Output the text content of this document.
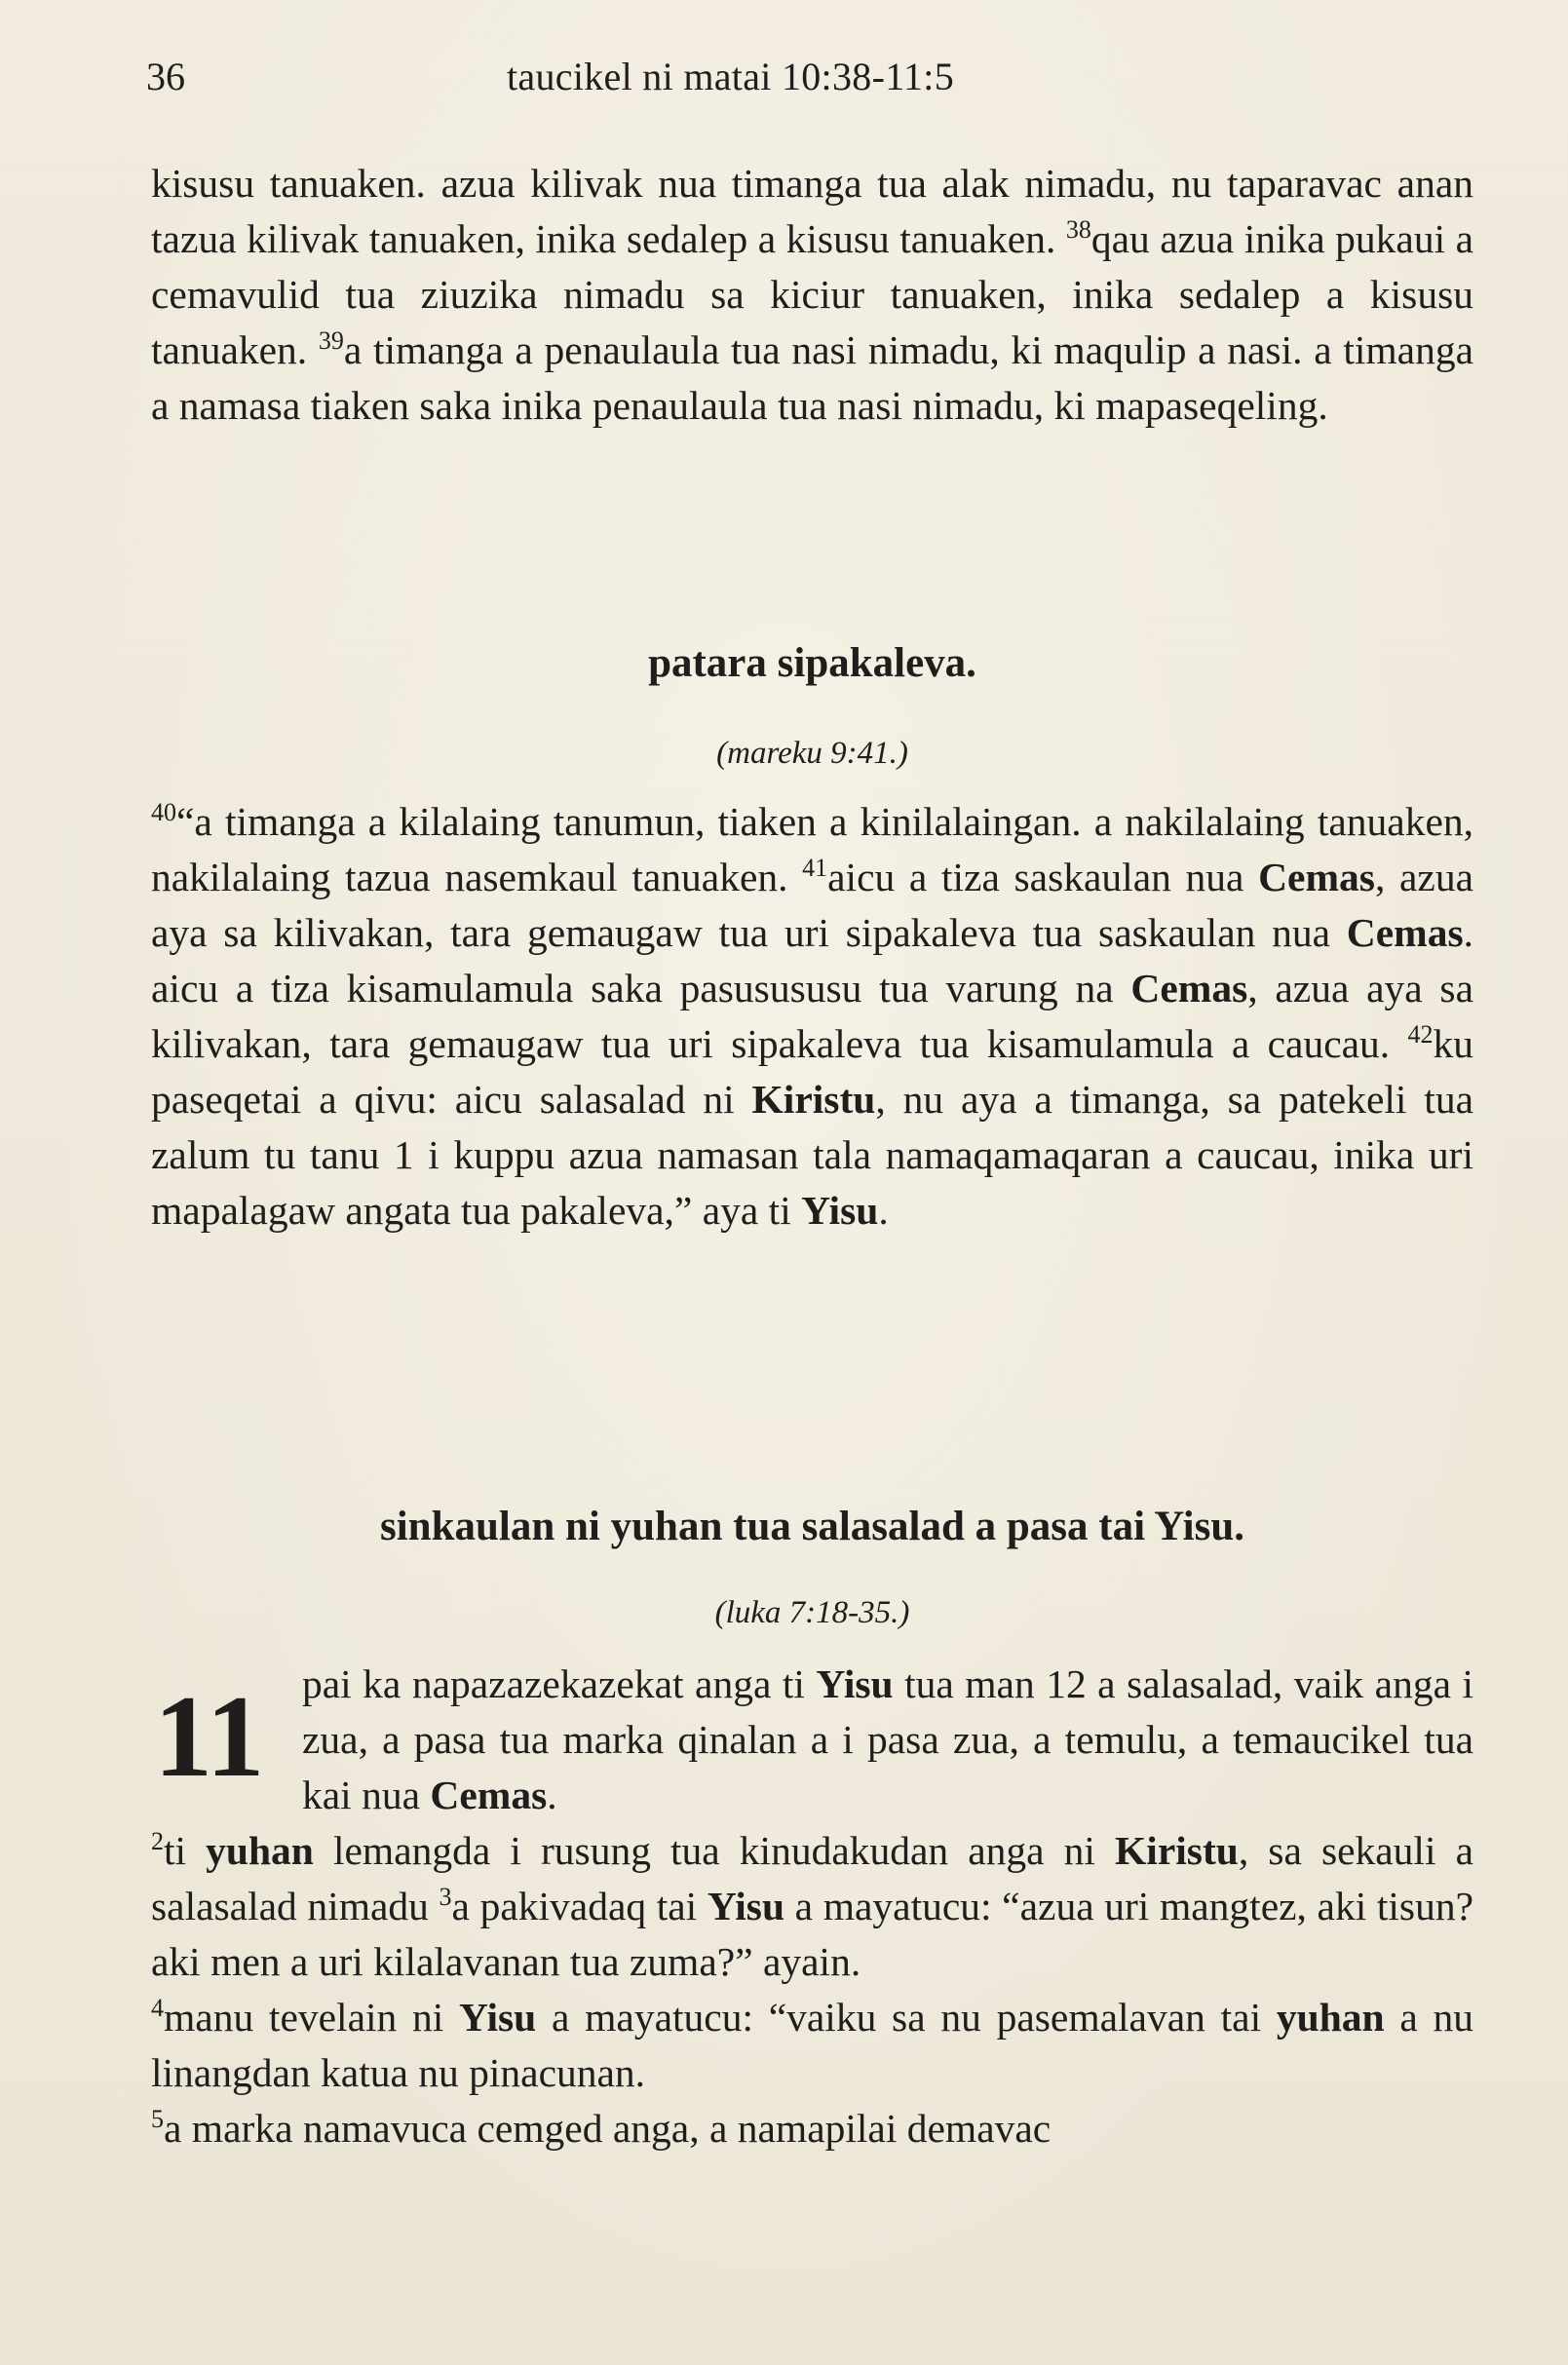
36	taucikel ni matai 10:38-11:5

kisusu tanuaken. azua kilivak nua timanga tua alak nimadu, nu taparavac anan tazua kilivak tanuaken, inika sedalep a kisusu tanuaken. $^{38}$qau azua inika pukaui a cemavulid tua ziuzika nimadu sa kiciur tanuaken, inika sedalep a kisusu tanuaken. $^{39}$a timanga a penaulaula tua nasi nimadu, ki maqulip a nasi. a timanga a namasa tiaken saka inika penaulaula tua nasi nimadu, ki mapaseqeling.

patara sipakaleva.

(mareku 9:41.)

$^{40}$“a timanga a kilalaing tanumun, tiaken a kinilalaingan. a nakilalaing tanuaken, nakilalaing tazua nasemkaul tanuaken. $^{41}$aicu a tiza saskaulan nua Cemas, azua aya sa kilivakan, tara gemaugaw tua uri sipakaleva tua saskaulan nua Cemas. aicu a tiza kisamulamula saka pasusususu tua varung na Cemas, azua aya sa kilivakan, tara gemaugaw tua uri sipakaleva tua kisamulamula a caucau. $^{42}$ku paseqetai a qivu: aicu salasalad ni Kiristu, nu aya a timanga, sa patekeli tua zalum tu tanu 1 i kuppu azua namasan tala namaqamaqaran a caucau, inika uri mapalagaw angata tua pakaleva,” aya ti Yisu.

sinkaulan ni yuhan tua salasalad a pasa tai Yisu.

(luka 7:18-35.)

11 pai ka napazazekazekat anga ti Yisu tua man 12 a salasalad, vaik anga i zua, a pasa tua marka qinalan a i pasa zua, a temulu, a temaucikel tua kai nua Cemas.

$^2$ti yuhan lemangda i rusung tua kinudakudan anga ni Kiristu, sa sekauli a salasalad nimadu $^3$a pakivadaq tai Yisu a mayatucu: “azua uri mangtez, aki tisun? aki men a uri kilalavanan tua zuma?” ayain.

$^4$manu tevelain ni Yisu a mayatucu: “vaiku sa nu pasemalavan tai yuhan a nu linangdan katua nu pinacunan.

$^5$a marka namavuca cemged anga, a namapilai demavac
